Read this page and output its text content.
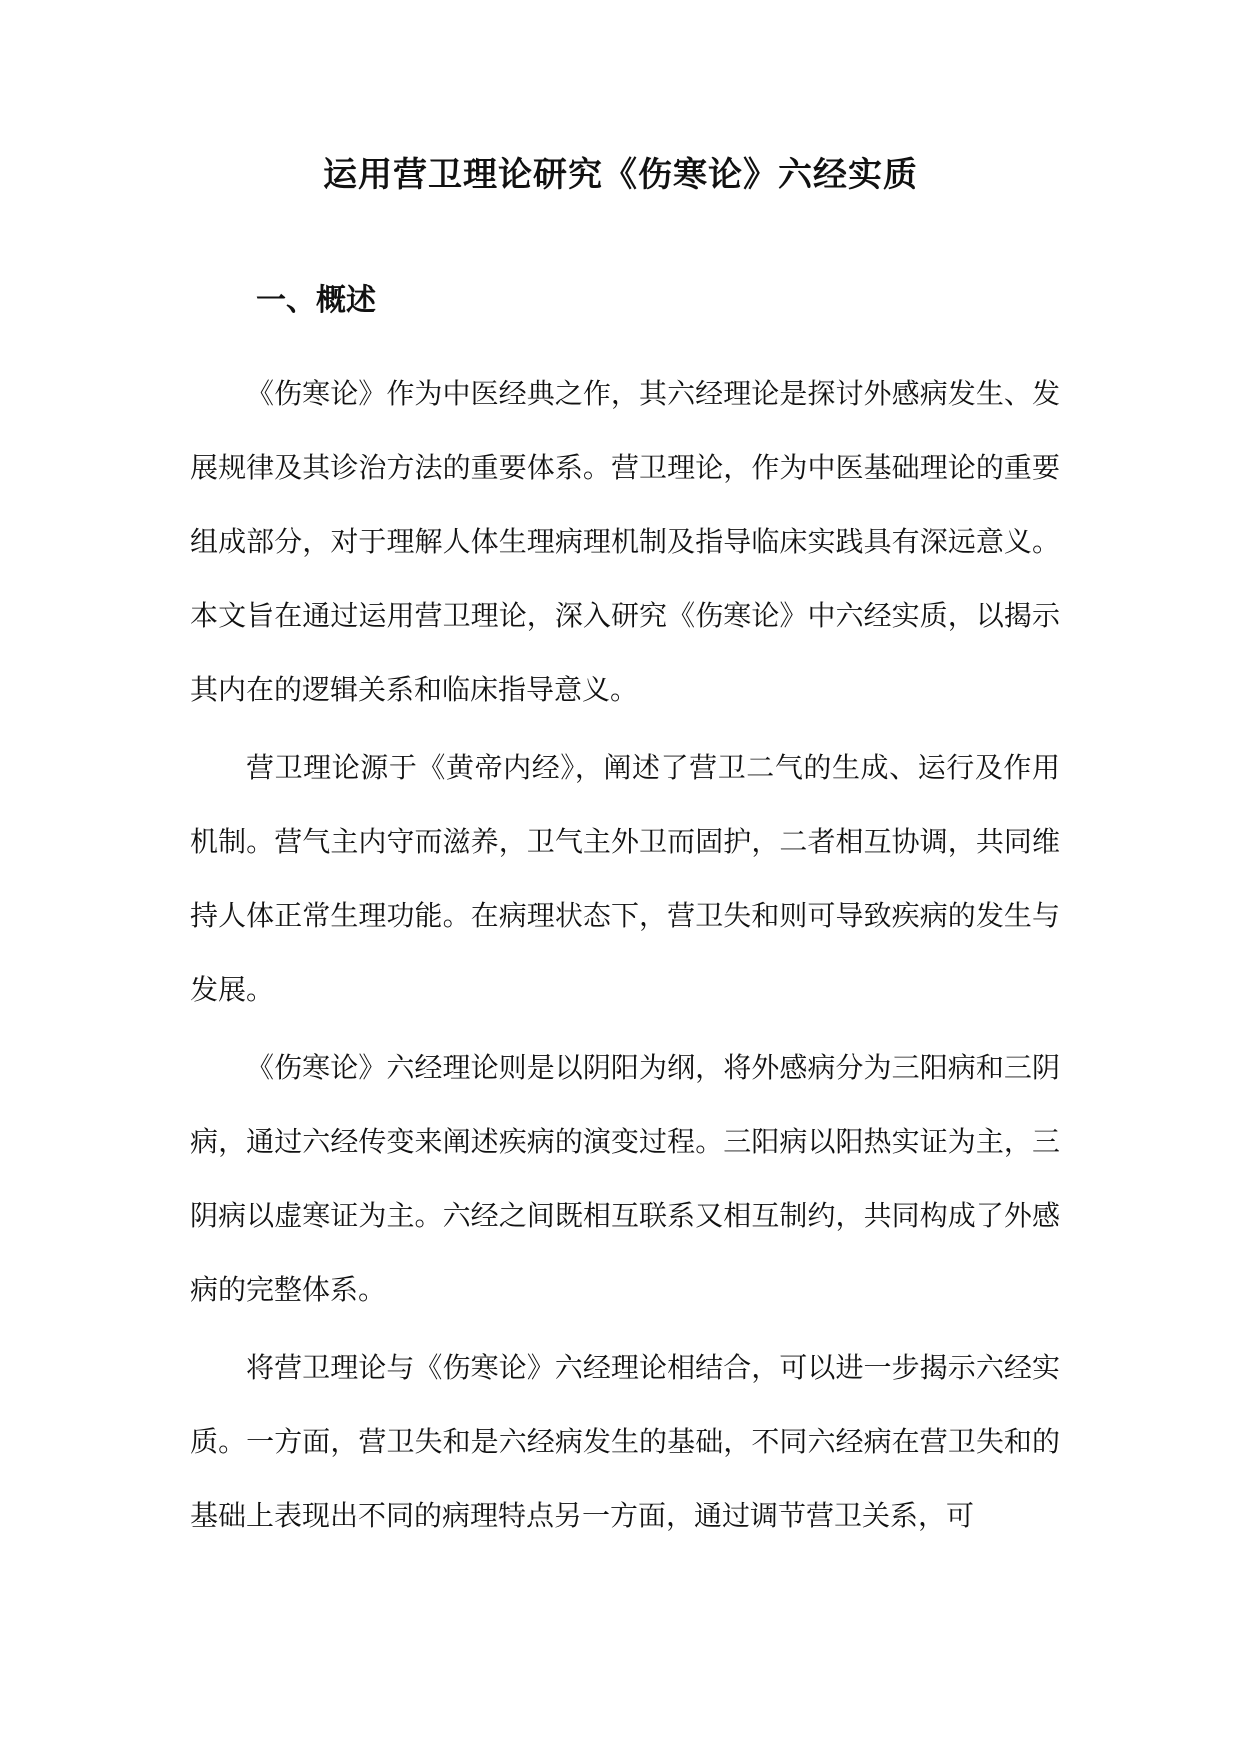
运用营卫理论研究《伤寒论》六经实质
一、概述

《伤寒论》作为中医经典之作，其六经理论是探讨外感病发生、发展规律及其诊治方法的重要体系。营卫理论，作为中医基础理论的重要组成部分，对于理解人体生理病理机制及指导临床实践具有深远意义。本文旨在通过运用营卫理论，深入研究《伤寒论》中六经实质，以揭示其内在的逻辑关系和临床指导意义。

营卫理论源于《黄帝内经》，阐述了营卫二气的生成、运行及作用机制。营气主内守而滋养，卫气主外卫而固护，二者相互协调，共同维持人体正常生理功能。在病理状态下，营卫失和则可导致疾病的发生与发展。

《伤寒论》六经理论则是以阴阳为纲，将外感病分为三阳病和三阴病，通过六经传变来阐述疾病的演变过程。三阳病以阳热实证为主，三阴病以虚寒证为主。六经之间既相互联系又相互制约，共同构成了外感病的完整体系。

将营卫理论与《伤寒论》六经理论相结合，可以进一步揭示六经实质。一方面，营卫失和是六经病发生的基础，不同六经病在营卫失和的基础上表现出不同的病理特点另一方面，通过调节营卫关系，可
